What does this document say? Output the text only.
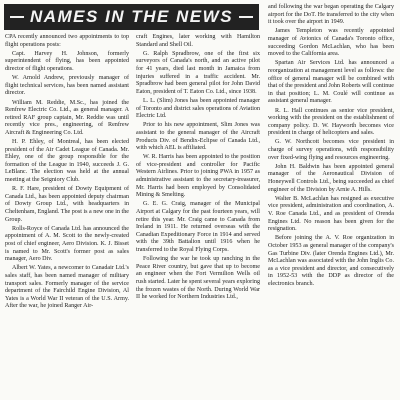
NAMES IN THE NEWS

CPA recently announced two appointments to top flight operations posts:

Capt. Harvey H. Johnson, formerly superintendent of flying, has been appointed director of flight operations.

W. Arnold Andrew, previously manager of flight technical services, has been named assistant director.

William M. Reddie, M.Sc., has joined the Renfrew Electric Co. Ltd., as general manager. A retired RAF group captain, Mr. Reddie was until recently vice pres., engineering, of Renfrew Aircraft & Engineering Co. Ltd.

H. P. Ehley, of Montreal, has been elected president of the Air Cadet League of Canada. Mr. Ehley, one of the group responsible for the formation of the League in 1940, succeeds J. G. LeBlanc. The election was held at the annual meeting at the Seigniory Club.

R. F. Hare, president of Dowty Equipment of Canada Ltd., has been appointed deputy chairman of Dowty Group Ltd., with headquarters in Cheltenham, England. The post is a new one in the Group.

Rolls-Royce of Canada Ltd. has announced the appointment of A. M. Scott to the newly-created post of chief engineer, Aero Division. K. J. Bisset is named to Mr. Scott's former post as sales manager, Aero Div.

Albert W. Yates, a newcomer to Canadair Ltd.'s sales staff, has been named manager of military transport sales. Formerly manager of the service department of the Fairchild Engine Division, Al Yates is a World War II veteran of the U.S. Army. After the war, he joined Ranger Air-

craft Engines, later working with Hamilton Standard and Shell Oil.

G. Ralph Spradbrow, one of the first six surveyors of Canada's north, and an active pilot for 41 years, died last month in Jamaica from injuries suffered in a traffic accident. Mr. Spradbrow had been general pilot for John David Eaton, president of T. Eaton Co. Ltd., since 1938.

L. L. (Slim) Jones has been appointed manager of Toronto and district sales operations of Aviation Electric Ltd.

Prior to his new appointment, Slim Jones was assistant to the general manager of the Aircraft Products Div. of Bendix-Eclipse of Canada Ltd., with which AEL is affiliated.

W. R. Harris has been appointed to the position of vice-president and controller for Pacific Western Airlines. Prior to joining PWA in 1957 as administrative assistant to the secretary-treasurer, Mr. Harris had been employed by Consolidated Mining & Smelting.

G. E. G. Craig, manager of the Municipal Airport at Calgary for the past fourteen years, will retire this year. Mr. Craig came to Canada from Ireland in 1911. He returned overseas with the Canadian Expeditionary Force in 1914 and served with the 39th Battalion until 1916 when he transferred to the Royal Flying Corps.

Following the war he took up ranching in the Peace River country, but gave that up to become an engineer when the Fort Vermilion Wells oil rush started. Later he spent several years exploring the frozen wastes of the North. During World War II he worked for Northern Industries Ltd.,

and following the war began operating the Calgary airport for the DoT. He transferred to the city when it took over the airport in 1949.

James Templeton was recently appointed manager of Avionics of Canada's Toronto office, succeeding Gordon McLachlan, who has been moved to the California area.

Spartan Air Services Ltd. has announced a reorganization at management level as follows: the office of general manager will be combined with that of the president and John Roberts will continue in that position; L. M. Coulé will continue as assistant general manager.

R. L. Hall continues as senior vice president, working with the president on the establishment of company policy. D. W. Hayworth becomes vice president in charge of helicopters and sales.

G. W. Northcott becomes vice president in charge of survey operations, with responsibility over fixed-wing flying and resources engineering.

John H. Baldwin has been appointed general manager of the Aeronautical Division of Honeywell Controls Ltd., being succeeded as chief engineer of the Division by Arnie A. Hills.

Walter B. McLachlan has resigned as executive vice president, administration and coordination, A. V. Roe Canada Ltd., and as president of Orenda Engines Ltd. No reason has been given for the resignation.

Before joining the A. V. Roe organization in October 1953 as general manager of the company's Gas Turbine Div. (later Orenda Engines Ltd.), Mr. McLachlan was associated with the John Inglis Co. as a vice president and director, and consecutively in 1952-53 with the DDP as director of the electronics branch.
